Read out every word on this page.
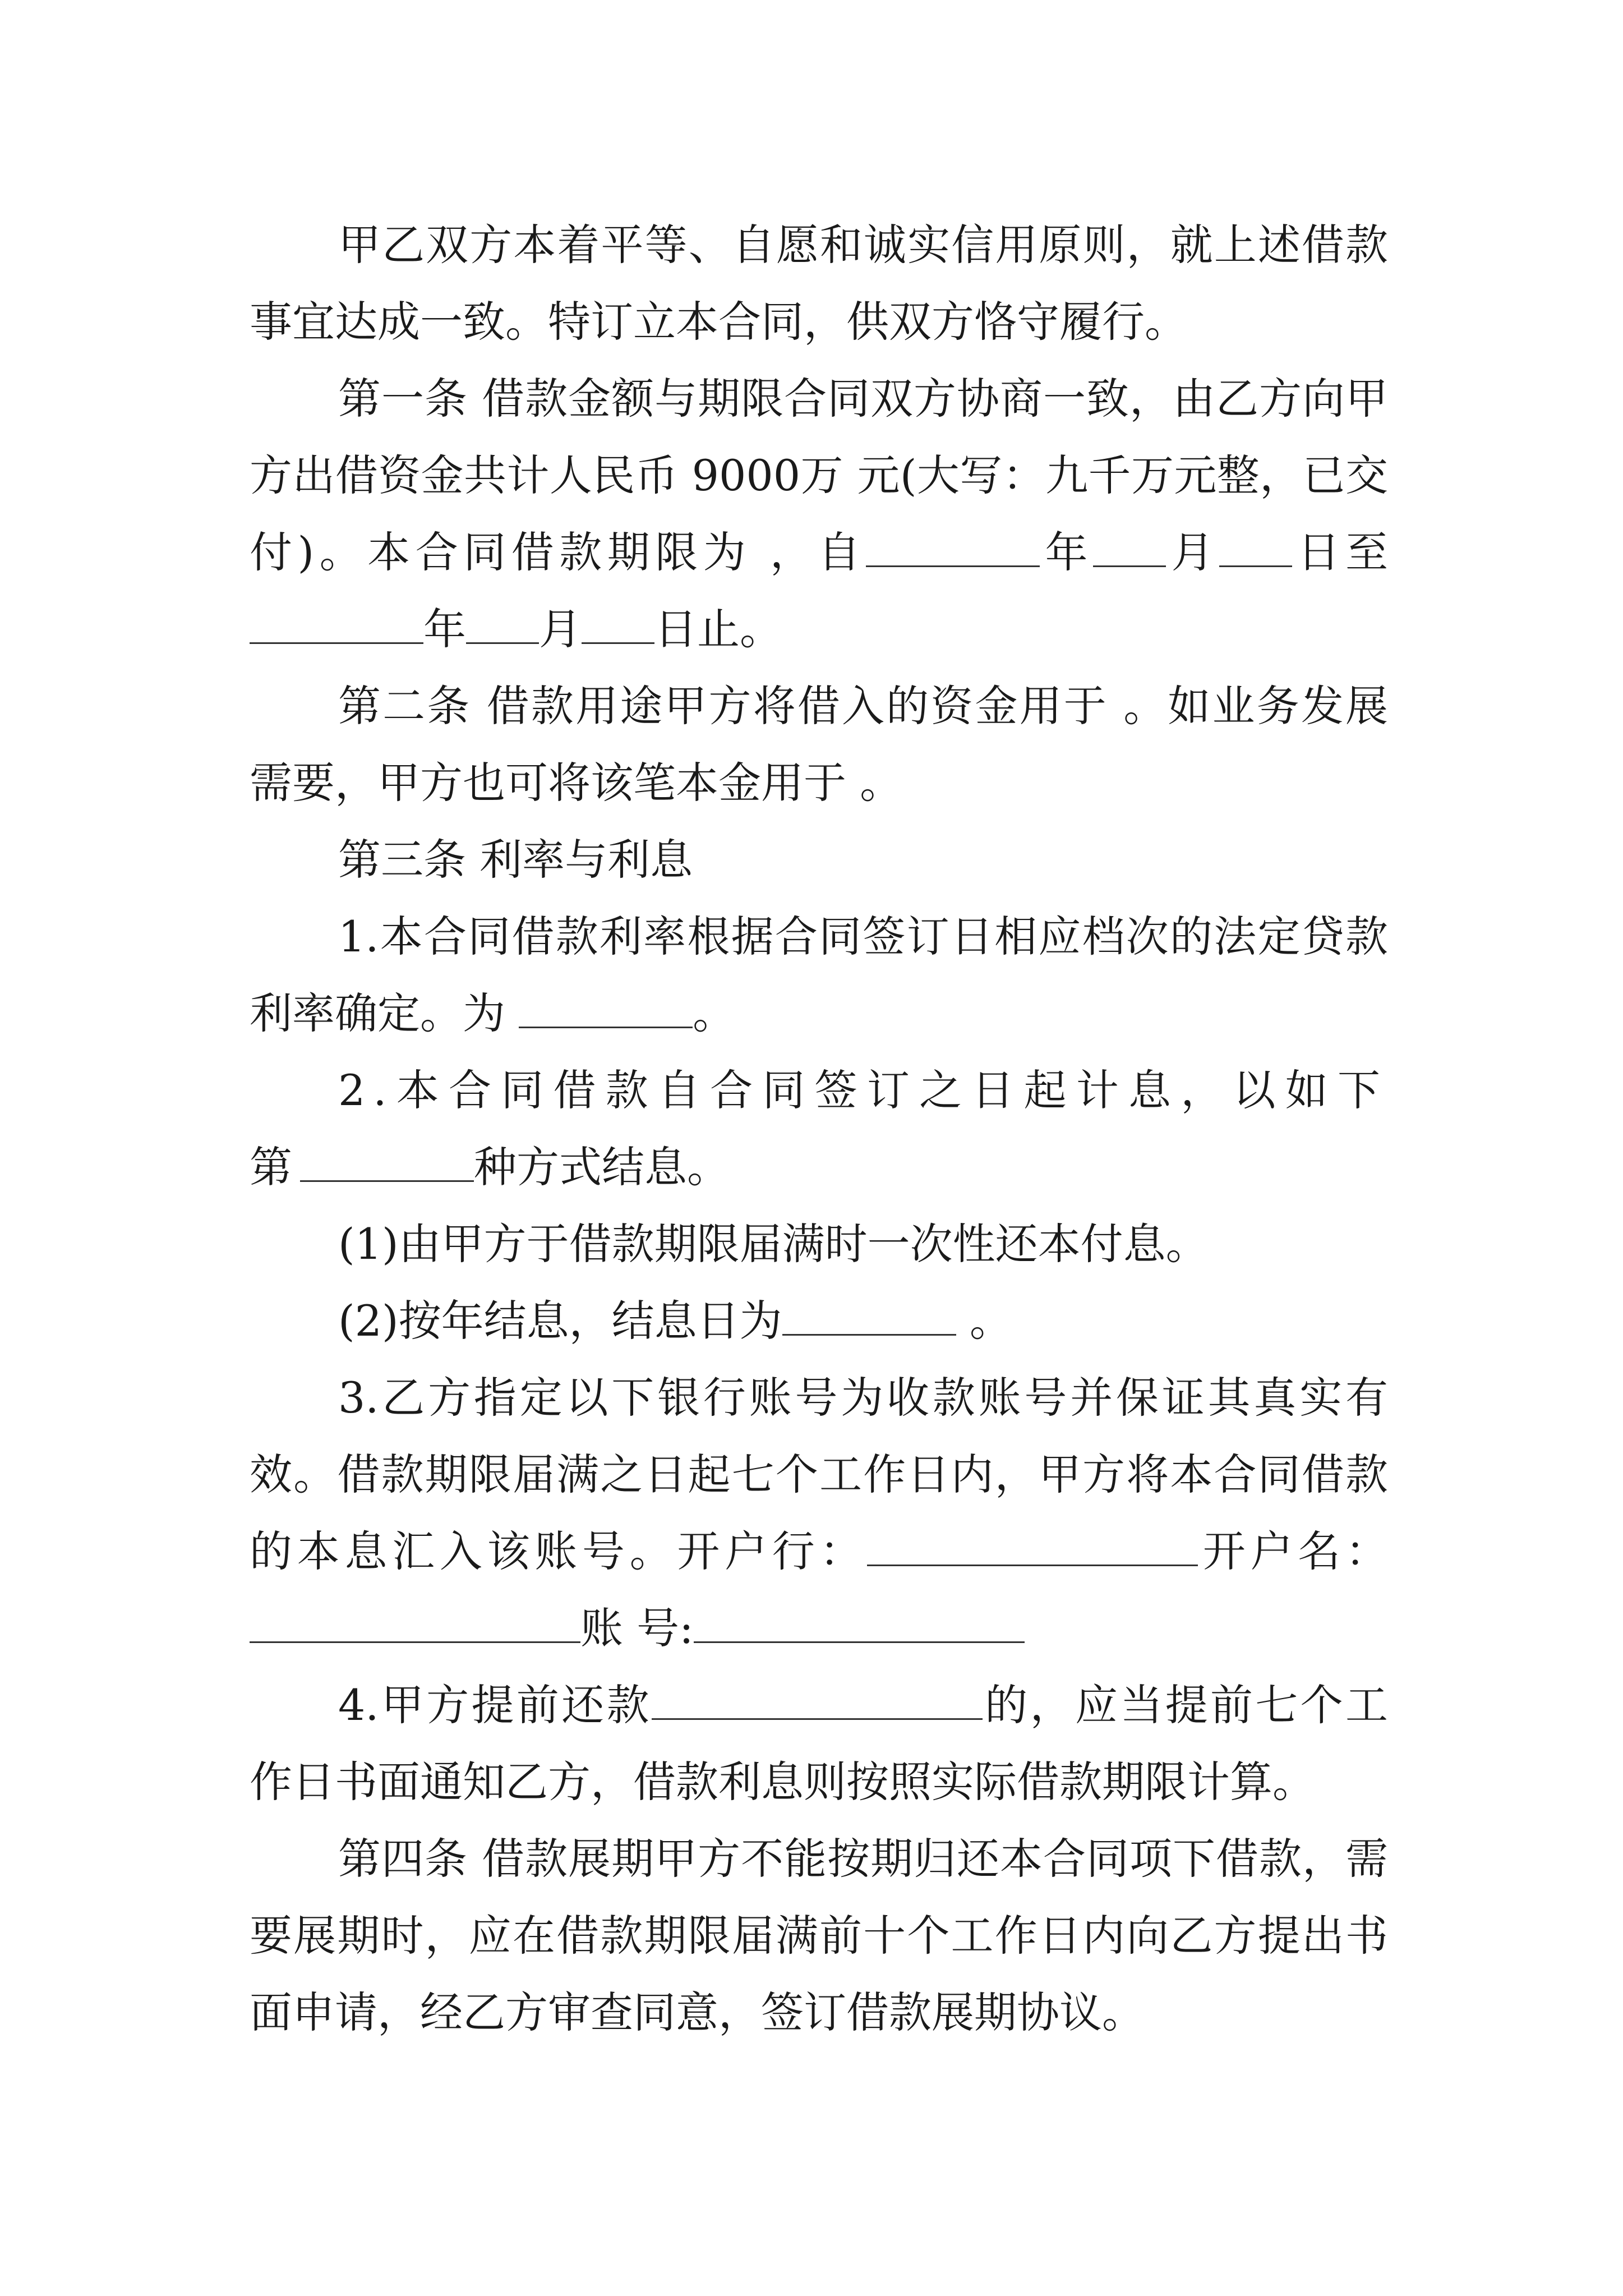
甲乙双方本着平等、自愿和诚实信用原则，就上述借款事宜达成一致。特订立本合同，供双方恪守履行。

第一条 借款金额与期限合同双方协商一致，由乙方向甲方出借资金共计人民币 9000万 元(大写：九千万元整，已交付)。本合同借款期限为 ，自	年 月 日至年 月 日止。

第二条 借款用途甲方将借入的资金用于 。如业务发展需要，甲方也可将该笔本金用于 。

第三条 利率与利息

1.本合同借款利率根据合同签订日相应档次的法定贷款利率确定。为	。

2.本合同借款自合同签订之日起计息，以如下第	种方式结息。

(1)由甲方于借款期限届满时一次性还本付息。

(2)按年结息，结息日为	。

3.乙方指定以下银行账号为收款账号并保证其真实有效。借款期限届满之日起七个工作日内，甲方将本合同借款的本息汇入该账号。开户行：	开户名：账 号:

4.甲方提前还款	的，应当提前七个工作日书面通知乙方，借款利息则按照实际借款期限计算。

第四条 借款展期甲方不能按期归还本合同项下借款，需要展期时，应在借款期限届满前十个工作日内向乙方提出书面申请，经乙方审查同意，签订借款展期协议。
